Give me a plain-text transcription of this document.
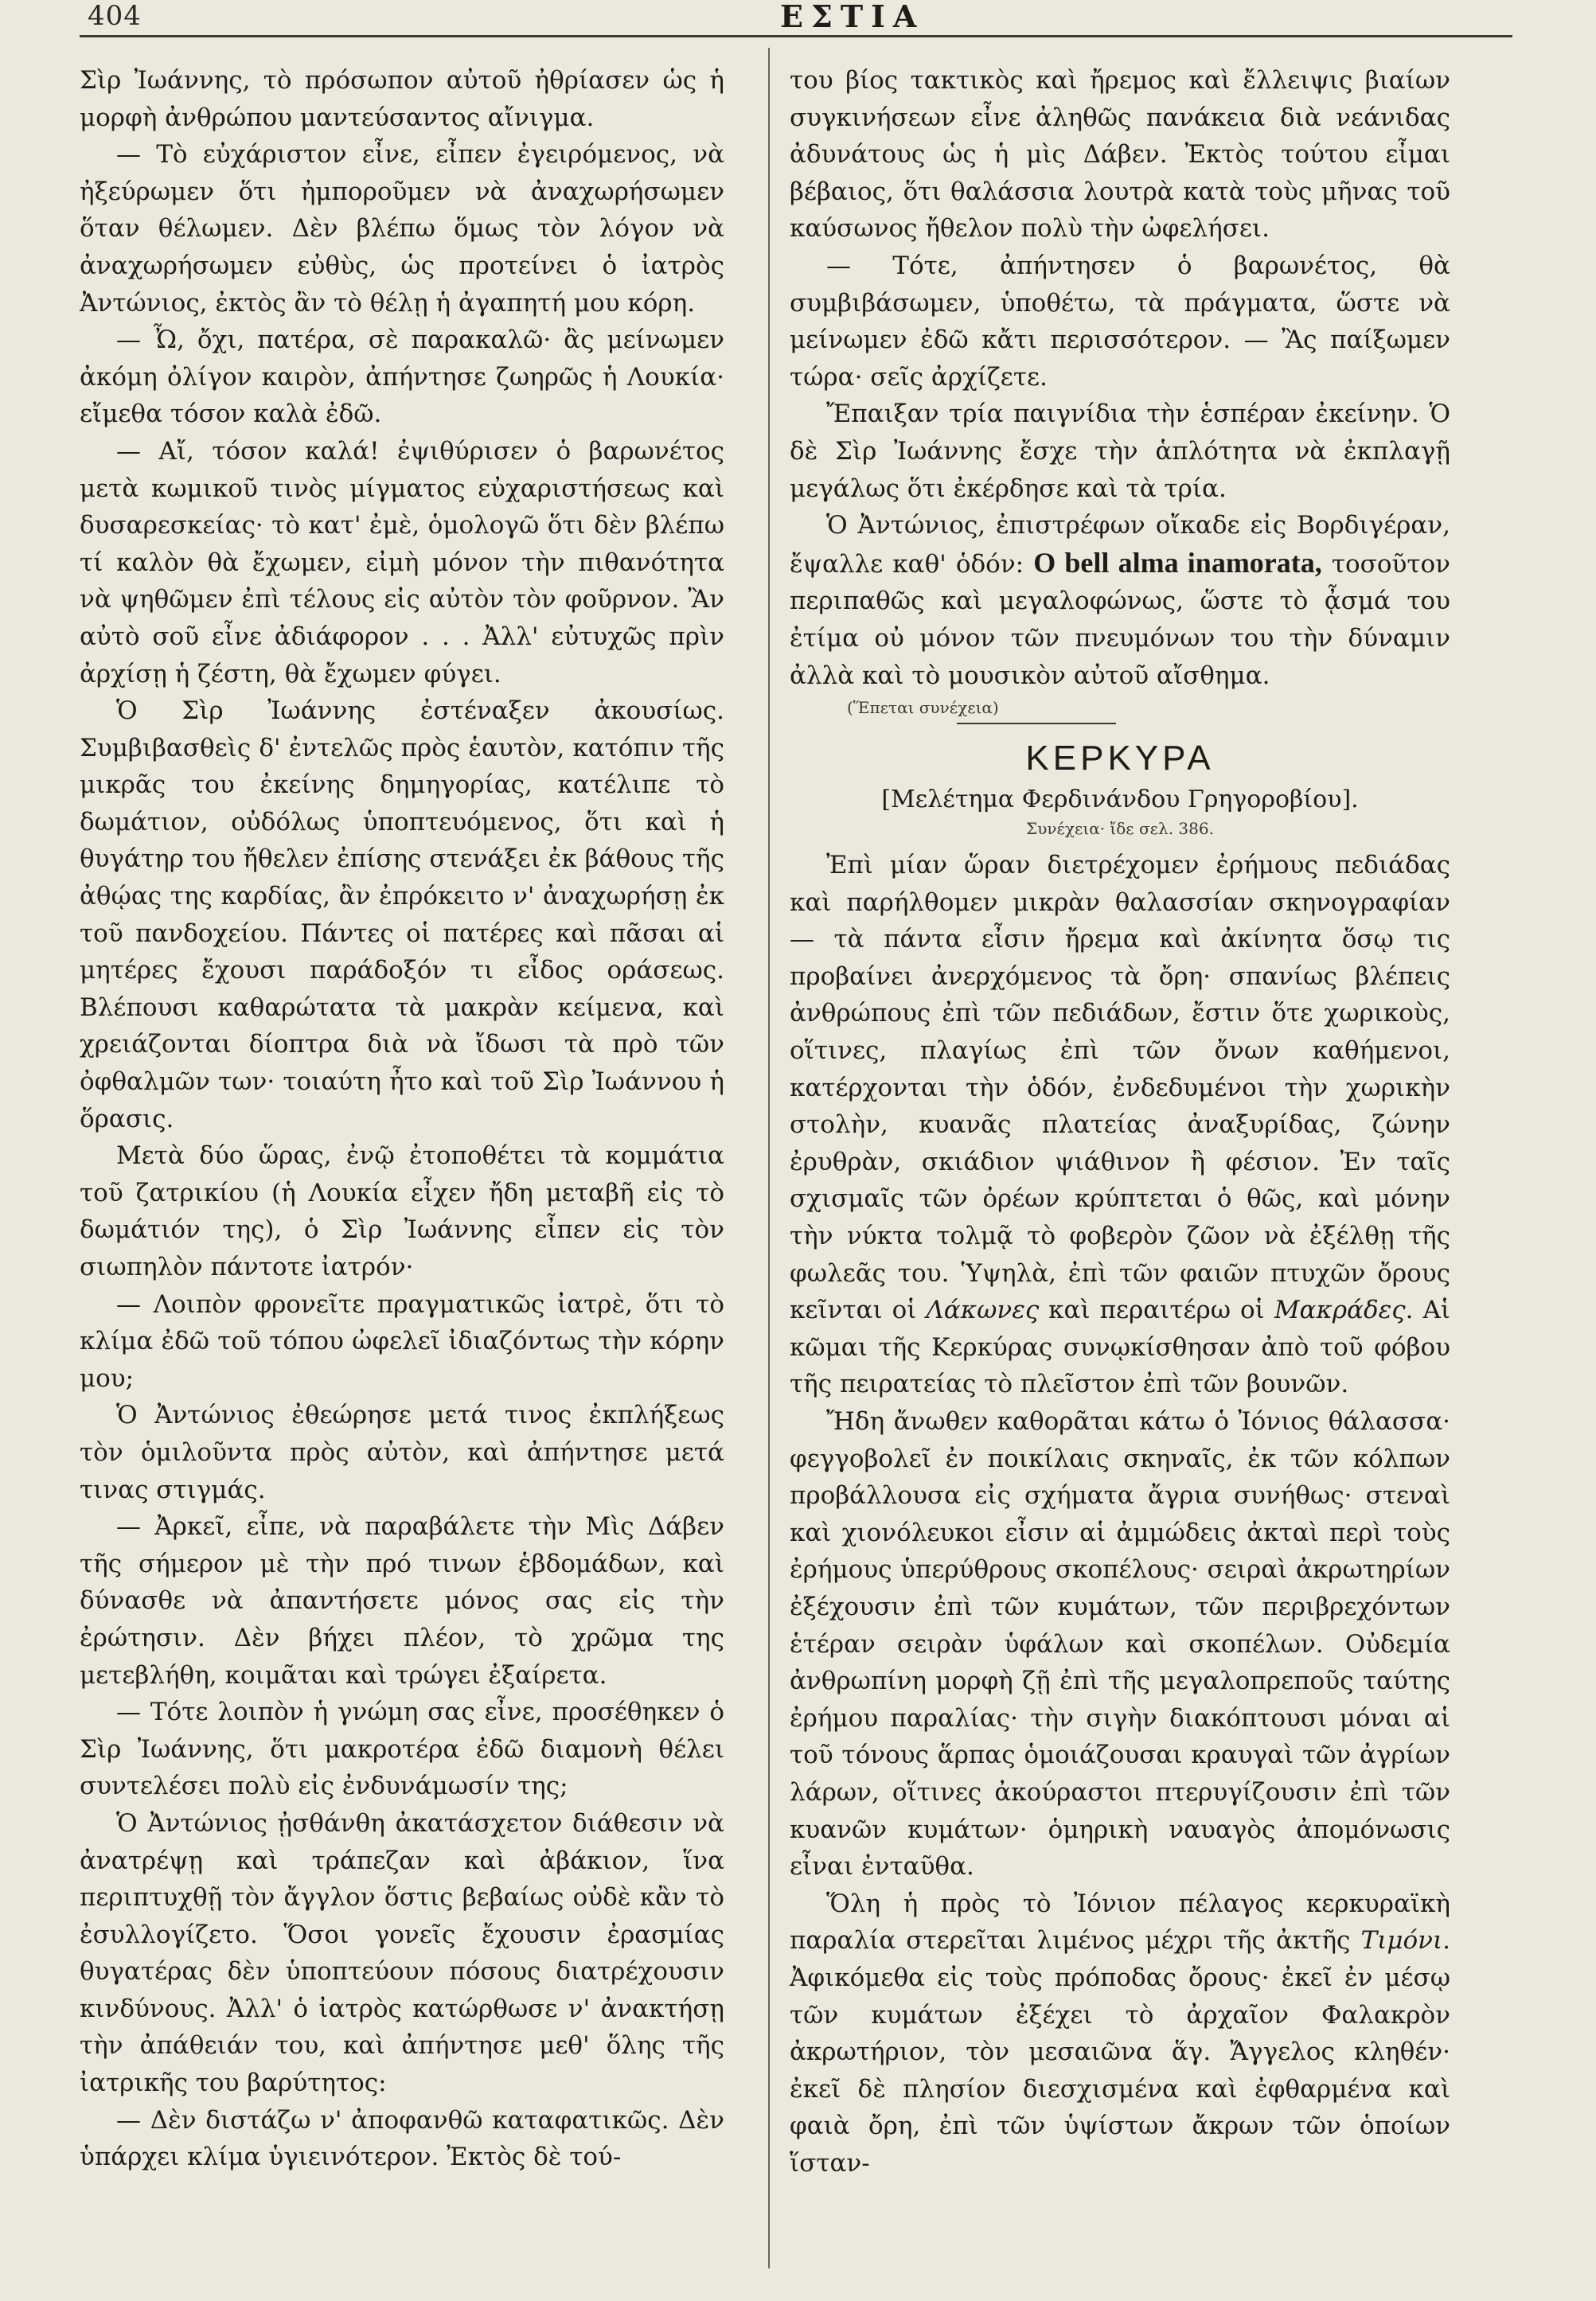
404	ΕΣΤΙΑ

Σὶρ Ἰωάννης, τὸ πρόσωπον αὐτοῦ ἠθρίασεν ὡς ἡ μορφὴ ἀνθρώπου μαντεύσαντος αἴνιγμα.

— Τὸ εὐχάριστον εἶνε, εἶπεν ἐγειρόμενος, νὰ ἠξεύρωμεν ὅτι ἠμποροῦμεν νὰ ἀναχωρήσωμεν ὅταν θέλωμεν. Δὲν βλέπω ὅμως τὸν λόγον νὰ ἀναχωρήσωμεν εὐθὺς, ὡς προτείνει ὁ ἰατρὸς Ἀντώνιος, ἐκτὸς ἂν τὸ θέλῃ ἡ ἀγαπητή μου κόρη.

— Ὦ, ὄχι, πατέρα, σὲ παρακαλῶ· ἂς μείνωμεν ἀκόμη ὀλίγον καιρὸν, ἀπήντησε ζωηρῶς ἡ Λουκία· εἴμεθα τόσον καλὰ ἐδῶ.

— Αἴ, τόσον καλά! ἐψιθύρισεν ὁ βαρωνέτος μετὰ κωμικοῦ τινὸς μίγματος εὐχαριστήσεως καὶ δυσαρεσκείας· τὸ κατ' ἐμὲ, ὁμολογῶ ὅτι δὲν βλέπω τί καλὸν θὰ ἔχωμεν, εἰμὴ μόνον τὴν πιθανότητα νὰ ψηθῶμεν ἐπὶ τέλους εἰς αὐτὸν τὸν φοῦρνον. Ἂν αὐτὸ σοῦ εἶνε ἀδιάφορον . . . Ἀλλ' εὐτυχῶς πρὶν ἀρχίσῃ ἡ ζέστη, θὰ ἔχωμεν φύγει.

Ὁ Σὶρ Ἰωάννης ἐστέναξεν ἀκουσίως. Συμβιβασθεὶς δ' ἐντελῶς πρὸς ἑαυτὸν, κατόπιν τῆς μικρᾶς του ἐκείνης δημηγορίας, κατέλιπε τὸ δωμάτιον, οὐδόλως ὑποπτευόμενος, ὅτι καὶ ἡ θυγάτηρ του ἤθελεν ἐπίσης στενάξει ἐκ βάθους τῆς ἀθῴας της καρδίας, ἂν ἐπρόκειτο ν' ἀναχωρήσῃ ἐκ τοῦ πανδοχείου. Πάντες οἱ πατέρες καὶ πᾶσαι αἱ μητέρες ἔχουσι παράδοξόν τι εἶδος οράσεως. Βλέπουσι καθαρώτατα τὰ μακρὰν κείμενα, καὶ χρειάζονται δίοπτρα διὰ νὰ ἴδωσι τὰ πρὸ τῶν ὀφθαλμῶν των· τοιαύτη ἦτο καὶ τοῦ Σὶρ Ἰωάννου ἡ ὅρασις.

Μετὰ δύο ὥρας, ἐνῷ ἐτοποθέτει τὰ κομμάτια τοῦ ζατρικίου (ἡ Λουκία εἶχεν ἤδη μεταβῆ εἰς τὸ δωμάτιόν της), ὁ Σὶρ Ἰωάννης εἶπεν εἰς τὸν σιωπηλὸν πάντοτε ἰατρόν·

— Λοιπὸν φρονεῖτε πραγματικῶς ἰατρὲ, ὅτι τὸ κλίμα ἐδῶ τοῦ τόπου ὠφελεῖ ἰδιαζόντως τὴν κόρην μου;

Ὁ Ἀντώνιος ἐθεώρησε μετά τινος ἐκπλήξεως τὸν ὁμιλοῦντα πρὸς αὐτὸν, καὶ ἀπήντησε μετά τινας στιγμάς.

— Ἀρκεῖ, εἶπε, νὰ παραβάλετε τὴν Μὶς Δάβεν τῆς σήμερον μὲ τὴν πρό τινων ἑβδομάδων, καὶ δύνασθε νὰ ἀπαντήσετε μόνος σας εἰς τὴν ἐρώτησιν. Δὲν βήχει πλέον, τὸ χρῶμα της μετεβλήθη, κοιμᾶται καὶ τρώγει ἐξαίρετα.

— Τότε λοιπὸν ἡ γνώμη σας εἶνε, προσέθηκεν ὁ Σὶρ Ἰωάννης, ὅτι μακροτέρα ἐδῶ διαμονὴ θέλει συντελέσει πολὺ εἰς ἐνδυνάμωσίν της;

Ὁ Ἀντώνιος ᾐσθάνθη ἀκατάσχετον διάθεσιν νὰ ἀνατρέψῃ καὶ τράπεζαν καὶ ἀβάκιον, ἵνα περιπτυχθῇ τὸν ἄγγλον ὅστις βεβαίως οὐδὲ κἂν τὸ ἐσυλλογίζετο. Ὅσοι γονεῖς ἔχουσιν ἐρασμίας θυγατέρας δὲν ὑποπτεύουν πόσους διατρέχουσιν κινδύνους. Ἀλλ' ὁ ἰατρὸς κατώρθωσε ν' ἀνακτήσῃ τὴν ἀπάθειάν του, καὶ ἀπήντησε μεθ' ὅλης τῆς ἰατρικῆς του βαρύτητος:

— Δὲν διστάζω ν' ἀποφανθῶ καταφατικῶς. Δὲν ὑπάρχει κλίμα ὑγιεινότερον. Ἐκτὸς δὲ τού-

του βίος τακτικὸς καὶ ἤρεμος καὶ ἔλλειψις βιαίων συγκινήσεων εἶνε ἀληθῶς πανάκεια διὰ νεάνιδας ἀδυνάτους ὡς ἡ μὶς Δάβεν. Ἐκτὸς τούτου εἶμαι βέβαιος, ὅτι θαλάσσια λουτρὰ κατὰ τοὺς μῆνας τοῦ καύσωνος ἤθελον πολὺ τὴν ὠφελήσει.

— Τότε, ἀπήντησεν ὁ βαρωνέτος, θὰ συμβιβάσωμεν, ὑποθέτω, τὰ πράγματα, ὥστε νὰ μείνωμεν ἐδῶ κἄτι περισσότερον. — Ἂς παίξωμεν τώρα· σεῖς ἀρχίζετε.

Ἔπαιξαν τρία παιγνίδια τὴν ἑσπέραν ἐκείνην. Ὁ δὲ Σὶρ Ἰωάννης ἔσχε τὴν ἁπλότητα νὰ ἐκπλαγῇ μεγάλως ὅτι ἐκέρδησε καὶ τὰ τρία.

Ὁ Ἀντώνιος, ἐπιστρέφων οἴκαδε εἰς Βορδιγέραν, ἔψαλλε καθ' ὁδόν: O bell alma inamorata, τοσοῦτον περιπαθῶς καὶ μεγαλοφώνως, ὥστε τὸ ᾆσμά του ἐτίμα οὐ μόνον τῶν πνευμόνων του τὴν δύναμιν ἀλλὰ καὶ τὸ μουσικὸν αὐτοῦ αἴσθημα.

(Ἕπεται συνέχεια)
ΚΕΡΚΥΡΑ
[Μελέτημα Φερδινάνδου Γρηγοροβίου].
Συνέχεια· ἴδε σελ. 386.

Ἐπὶ μίαν ὥραν διετρέχομεν ἐρήμους πεδιάδας καὶ παρήλθομεν μικρὰν θαλασσίαν σκηνογραφίαν — τὰ πάντα εἶσιν ἤρεμα καὶ ἀκίνητα ὅσῳ τις προβαίνει ἀνερχόμενος τὰ ὄρη· σπανίως βλέπεις ἀνθρώπους ἐπὶ τῶν πεδιάδων, ἔστιν ὅτε χωρικοὺς, οἵτινες, πλαγίως ἐπὶ τῶν ὄνων καθήμενοι, κατέρχονται τὴν ὁδόν, ἐνδεδυμένοι τὴν χωρικὴν στολὴν, κυανᾶς πλατείας ἀναξυρίδας, ζώνην ἐρυθρὰν, σκιάδιον ψιάθινον ἢ φέσιον. Ἐν ταῖς σχισμαῖς τῶν ὀρέων κρύπτεται ὁ θῶς, καὶ μόνην τὴν νύκτα τολμᾷ τὸ φοβερὸν ζῶον νὰ ἐξέλθῃ τῆς φωλεᾶς του. Ὑψηλὰ, ἐπὶ τῶν φαιῶν πτυχῶν ὄρους κεῖνται οἱ Λάκωνες καὶ περαιτέρω οἱ Μακράδες. Αἱ κῶμαι τῆς Κερκύρας συνῳκίσθησαν ἀπὸ τοῦ φόβου τῆς πειρατείας τὸ πλεῖστον ἐπὶ τῶν βουνῶν.

Ἤδη ἄνωθεν καθορᾶται κάτω ὁ Ἰόνιος θάλασσα· φεγγοβολεῖ ἐν ποικίλαις σκηναῖς, ἐκ τῶν κόλπων προβάλλουσα εἰς σχήματα ἄγρια συνήθως· στεναὶ καὶ χιονόλευκοι εἶσιν αἱ ἀμμώδεις ἀκταὶ περὶ τοὺς ἐρήμους ὑπερύθρους σκοπέλους· σειραὶ ἀκρωτηρίων ἐξέχουσιν ἐπὶ τῶν κυμάτων, τῶν περιβρεχόντων ἑτέραν σειρὰν ὑφάλων καὶ σκοπέλων. Οὐδεμία ἀνθρωπίνη μορφὴ ζῇ ἐπὶ τῆς μεγαλοπρεποῦς ταύτης ἐρήμου παραλίας· τὴν σιγὴν διακόπτουσι μόναι αἱ τοῦ τόνους ἅρπας ὁμοιάζουσαι κραυγαὶ τῶν ἀγρίων λάρων, οἵτινες ἀκούραστοι πτερυγίζουσιν ἐπὶ τῶν κυανῶν κυμάτων· ὁμηρικὴ ναυαγὸς ἀπομόνωσις εἶναι ἐνταῦθα.

Ὅλη ἡ πρὸς τὸ Ἰόνιον πέλαγος κερκυραϊκὴ παραλία στερεῖται λιμένος μέχρι τῆς ἀκτῆς Τιμόνι. Ἀφικόμεθα εἰς τοὺς πρόποδας ὄρους· ἐκεῖ ἐν μέσῳ τῶν κυμάτων ἐξέχει τὸ ἀρχαῖον Φαλακρὸν ἀκρωτήριον, τὸν μεσαιῶνα ἅγ. Ἄγγελος κληθέν· ἐκεῖ δὲ πλησίον διεσχισμένα καὶ ἐφθαρμένα καὶ φαιὰ ὄρη, ἐπὶ τῶν ὑψίστων ἄκρων τῶν ὁποίων ἵσταν-
